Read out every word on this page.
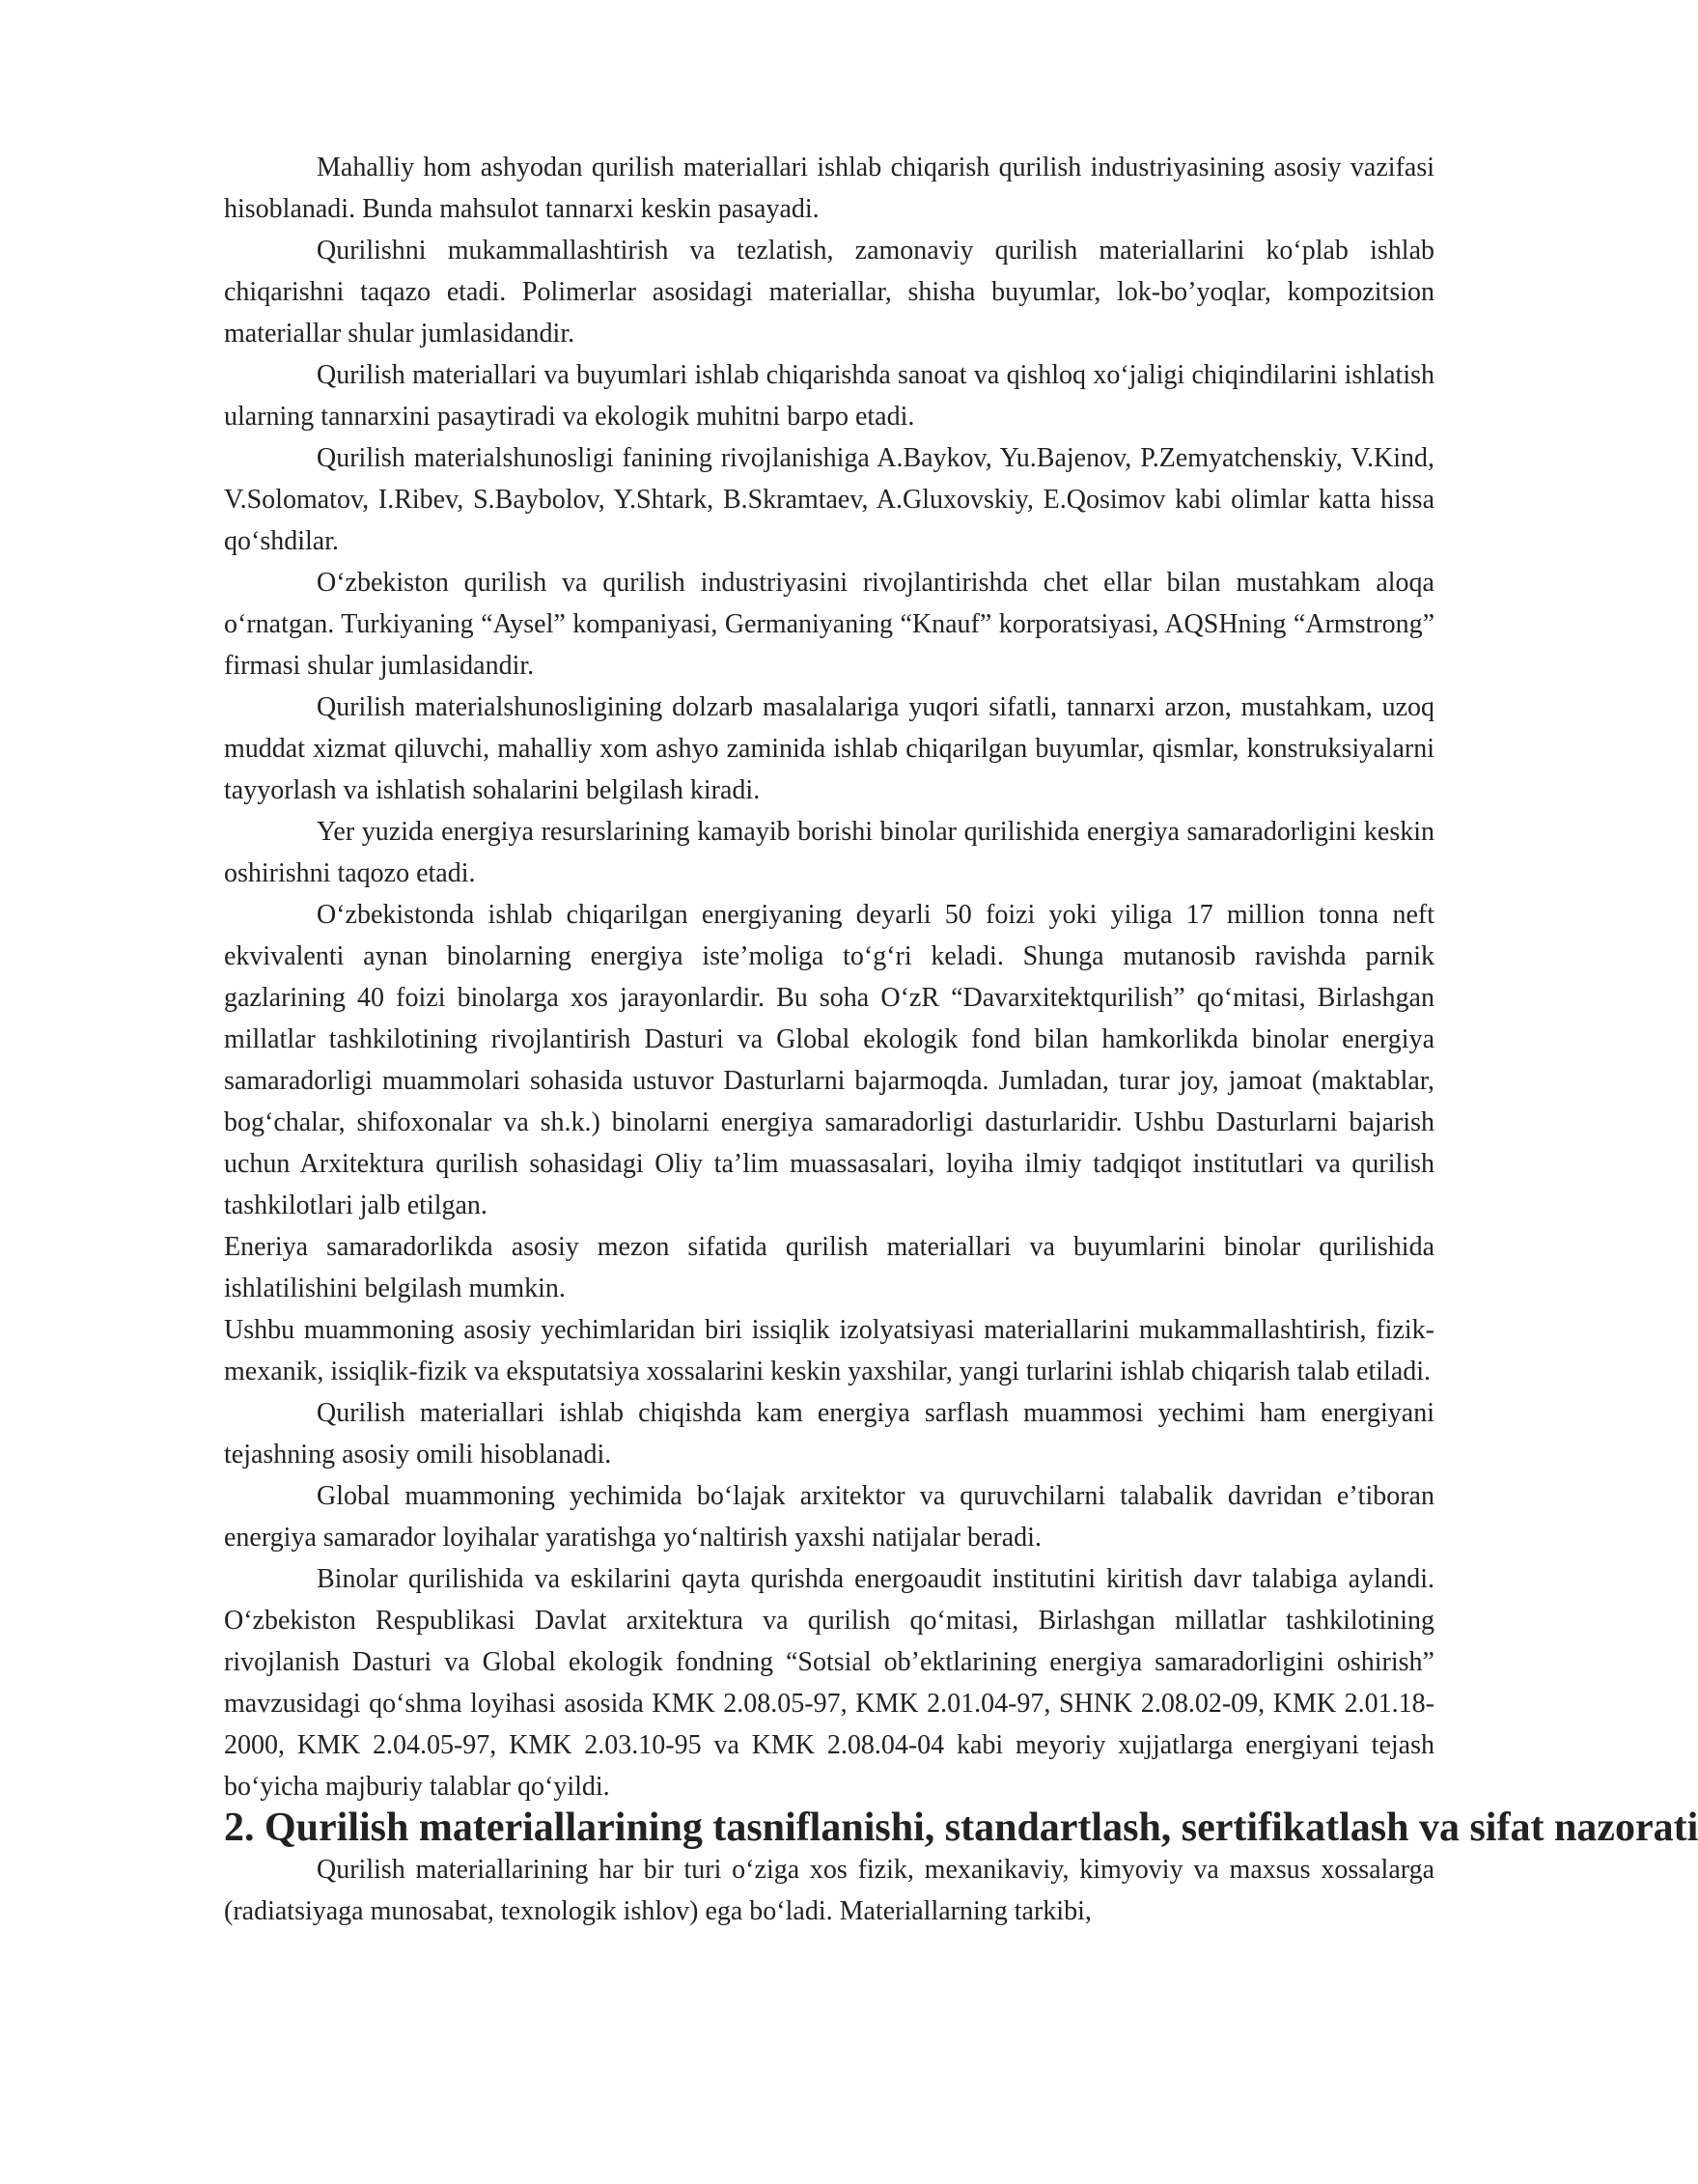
Mahalliy hom ashyodan qurilish materiallari ishlab chiqarish qurilish industriyasining asosiy vazifasi hisoblanadi. Bunda mahsulot tannarxi keskin pasayadi.

Qurilishni mukammallashtirish va tezlatish, zamonaviy qurilish materiallarini koʻplab ishlab chiqarishni taqazo etadi. Polimerlar asosidagi materiallar, shisha buyumlar, lok-boʼyoqlar, kompozitsion materiallar shular jumlasidandir.

Qurilish materiallari va buyumlari ishlab chiqarishda sanoat va qishloq xoʻjaligi chiqindilarini ishlatish ularning tannarxini pasaytiradi va ekologik muhitni barpo etadi.

Qurilish materialshunosligi fanining rivojlanishiga A.Baykov, Yu.Bajenov, P.Zemyatchenskiy, V.Kind, V.Solomatov, I.Ribev, S.Baybolov, Y.Shtark, B.Skramtaev, A.Gluxovskiy, E.Qosimov kabi olimlar katta hissa qoʻshdilar.

Oʻzbekiston qurilish va qurilish industriyasini rivojlantirishda chet ellar bilan mustahkam aloqa oʻrnatgan. Turkiyaning “Aysel” kompaniyasi, Germaniyaning “Knauf” korporatsiyasi, AQSHning “Armstrong” firmasi shular jumlasidandir.

Qurilish materialshunosligining dolzarb masalalariga yuqori sifatli, tannarxi arzon, mustahkam, uzoq muddat xizmat qiluvchi, mahalliy xom ashyo zaminida ishlab chiqarilgan buyumlar, qismlar, konstruksiyalarni tayyorlash va ishlatish sohalarini belgilash kiradi.

Yer yuzida energiya resurslarining kamayib borishi binolar qurilishida energiya samaradorligini keskin oshirishni taqozo etadi.

Oʻzbekistonda ishlab chiqarilgan energiyaning deyarli 50 foizi yoki yiliga 17 million tonna neft ekvivalenti aynan binolarning energiya isteʼmoliga toʻgʻri keladi. Shunga mutanosib ravishda parnik gazlarining 40 foizi binolarga xos jarayonlardir. Bu soha OʻzR “Davarxitektqurilish” qoʻmitasi, Birlashgan millatlar tashkilotining rivojlantirish Dasturi va Global ekologik fond bilan hamkorlikda binolar energiya samaradorligi muammolari sohasida ustuvor Dasturlarni bajarmoqda. Jumladan, turar joy, jamoat (maktablar, bogʻchalar, shifoxonalar va sh.k.) binolarni energiya samaradorligi dasturlaridir. Ushbu Dasturlarni bajarish uchun Arxitektura qurilish sohasidagi Oliy taʼlim muassasalari, loyiha ilmiy tadqiqot institutlari va qurilish tashkilotlari jalb etilgan.

Eneriya samaradorlikda asosiy mezon sifatida qurilish materiallari va buyumlarini binolar qurilishida ishlatilishini belgilash mumkin.

Ushbu muammoning asosiy yechimlaridan biri issiqlik izolyatsiyasi materiallarini mukammallashtirish, fizik-mexanik, issiqlik-fizik va eksputatsiya xossalarini keskin yaxshilar, yangi turlarini ishlab chiqarish talab etiladi.

Qurilish materiallari ishlab chiqishda kam energiya sarflash muammosi yechimi ham energiyani tejashning asosiy omili hisoblanadi.

Global muammoning yechimida boʻlajak arxitektor va quruvchilarni talabalik davridan eʼtiboran energiya samarador loyihalar yaratishga yoʻnaltirish yaxshi natijalar beradi.

Binolar qurilishida va eskilarini qayta qurishda energoaudit institutini kiritish davr talabiga aylandi. Oʻzbekiston Respublikasi Davlat arxitektura va qurilish qoʻmitasi, Birlashgan millatlar tashkilotining rivojlanish Dasturi va Global ekologik fondning “Sotsial obʼektlarining energiya samaradorligini oshirish” mavzusidagi qoʻshma loyihasi asosida KMK 2.08.05-97, KMK 2.01.04-97, SHNK 2.08.02-09, KMK 2.01.18-2000, KMK 2.04.05-97, KMK 2.03.10-95 va KMK 2.08.04-04 kabi meyoriy xujjatlarga energiyani tejash boʻyicha majburiy talablar qoʻyildi.

2. Qurilish materiallarining tasniflanishi, standartlash, sertifikatlash va sifat nazorati

Qurilish materiallarining har bir turi oʻziga xos fizik, mexanikaviy, kimyoviy va maxsus xossalarga (radiatsiyaga munosabat, texnologik ishlov) ega boʻladi. Materiallarning tarkibi,
